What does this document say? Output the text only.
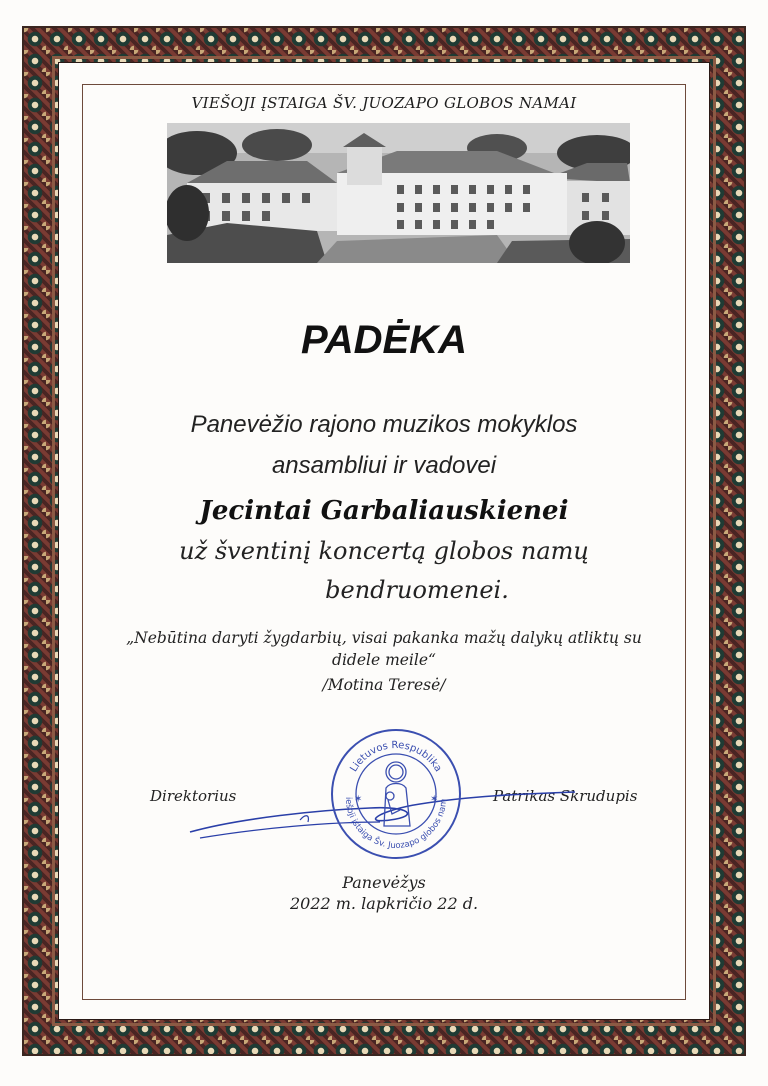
VIEŠOJI ĮSTAIGA ŠV. JUOZAPO GLOBOS NAMAI
PADĖKA
Panevėžio rajono muzikos mokyklos
ansambliui ir vadovei
Jecintai Garbaliauskienei
už šventinį koncertą globos namų
bendruomenei.
„Nebūtina daryti žygdarbių, visai pakanka mažų dalykų atliktų su didele meile“
/Motina Teresė/
Direktorius	Patrikas Skrudupis
Lietuvos Respublika
iešoji įstaiga Šv. Juozapo globos nam
✶	✶
Panevėžys
2022 m. lapkričio 22 d.
